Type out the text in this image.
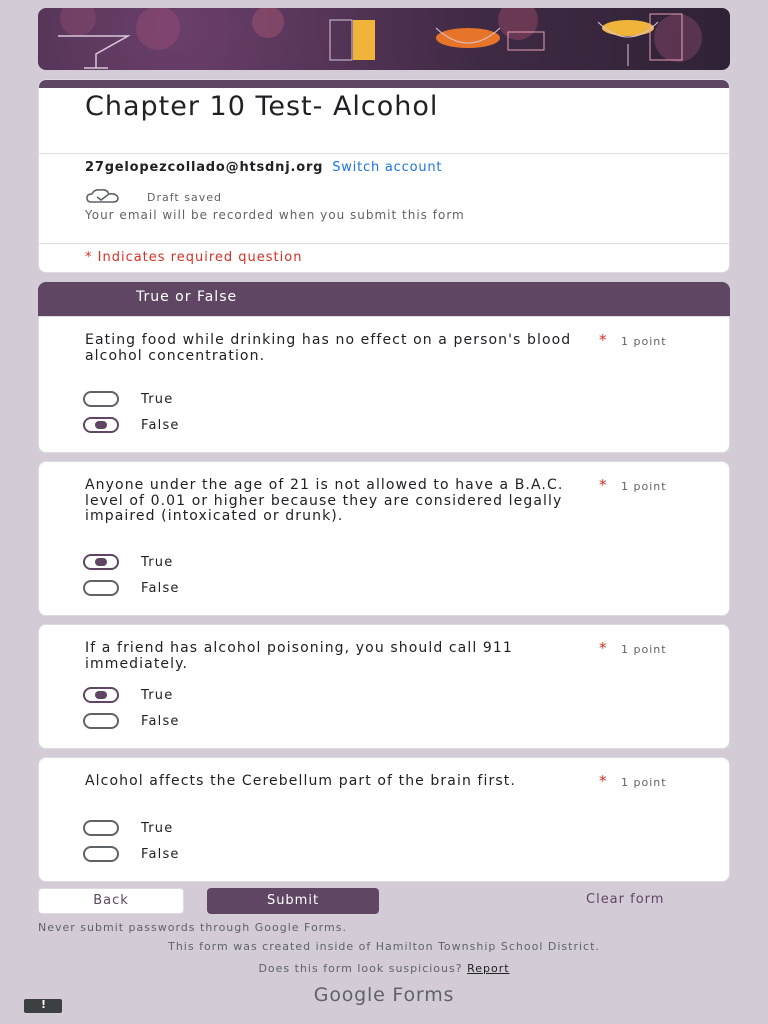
Chapter 10 Test- Alcohol
27gelopezcollado@htsdnj.org Switch account
Draft saved
Your email will be recorded when you submit this form
* Indicates required question
True or False
Eating food while drinking has no effect on a person's blood alcohol concentration.
* 1 point
True
False
Anyone under the age of 21 is not allowed to have a B.A.C. level of 0.01 or higher because they are considered legally impaired (intoxicated or drunk).
* 1 point
True
False
If a friend has alcohol poisoning, you should call 911 immediately.
* 1 point
True
False
Alcohol affects the Cerebellum part of the brain first.	* 1 point
True
False
Back	Submit	Clear form
Never submit passwords through Google Forms.
This form was created inside of Hamilton Township School District.
Does this form look suspicious? Report
Google Forms
!
